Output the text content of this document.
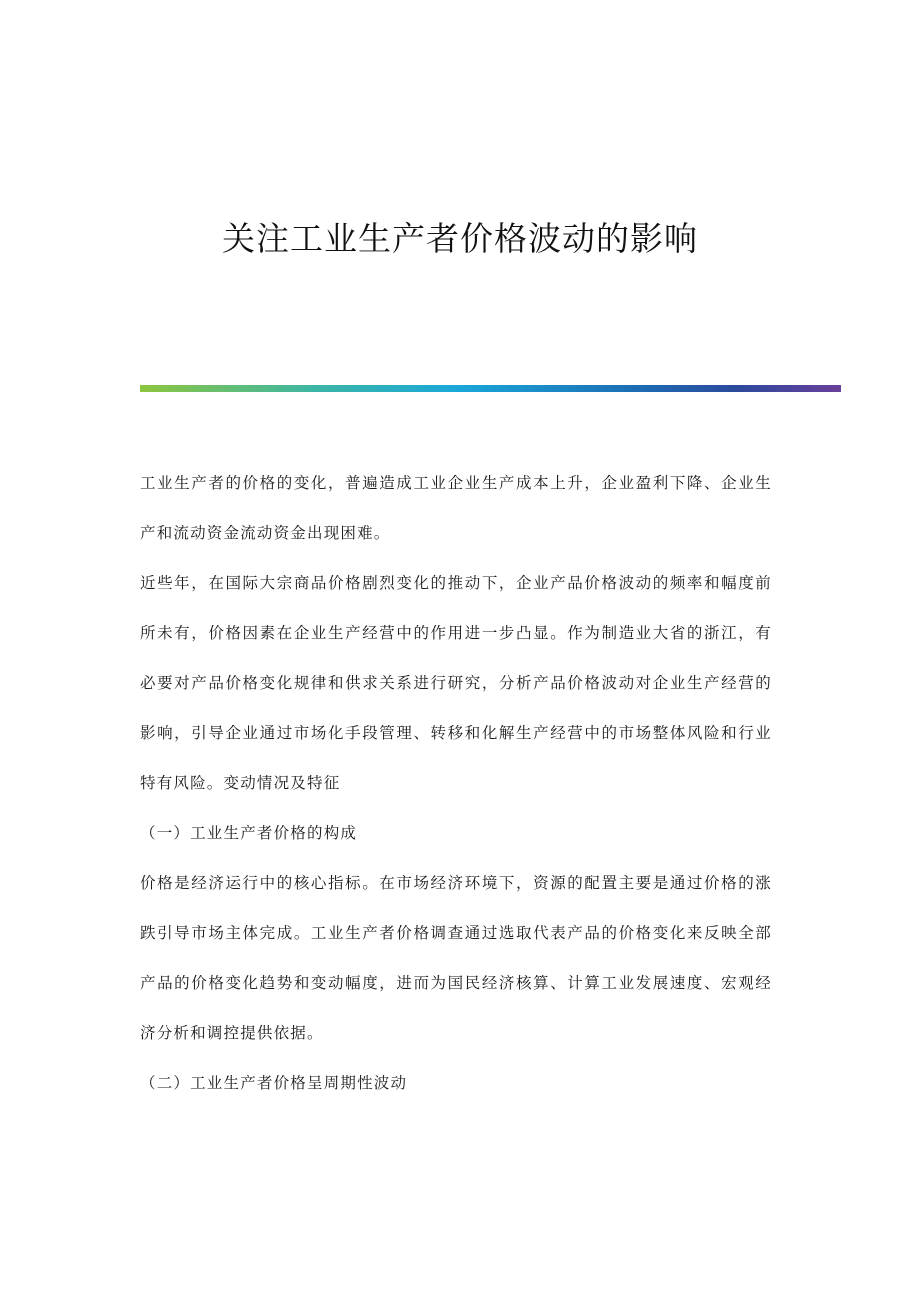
关注工业生产者价格波动的影响

工业生产者的价格的变化，普遍造成工业企业生产成本上升，企业盈利下降、企业生产和流动资金流动资金出现困难。

近些年，在国际大宗商品价格剧烈变化的推动下，企业产品价格波动的频率和幅度前所未有，价格因素在企业生产经营中的作用进一步凸显。作为制造业大省的浙江，有必要对产品价格变化规律和供求关系进行研究，分析产品价格波动对企业生产经营的影响，引导企业通过市场化手段管理、转移和化解生产经营中的市场整体风险和行业特有风险。变动情况及特征

（一）工业生产者价格的构成

价格是经济运行中的核心指标。在市场经济环境下，资源的配置主要是通过价格的涨跌引导市场主体完成。工业生产者价格调查通过选取代表产品的价格变化来反映全部产品的价格变化趋势和变动幅度，进而为国民经济核算、计算工业发展速度、宏观经济分析和调控提供依据。

（二）工业生产者价格呈周期性波动
